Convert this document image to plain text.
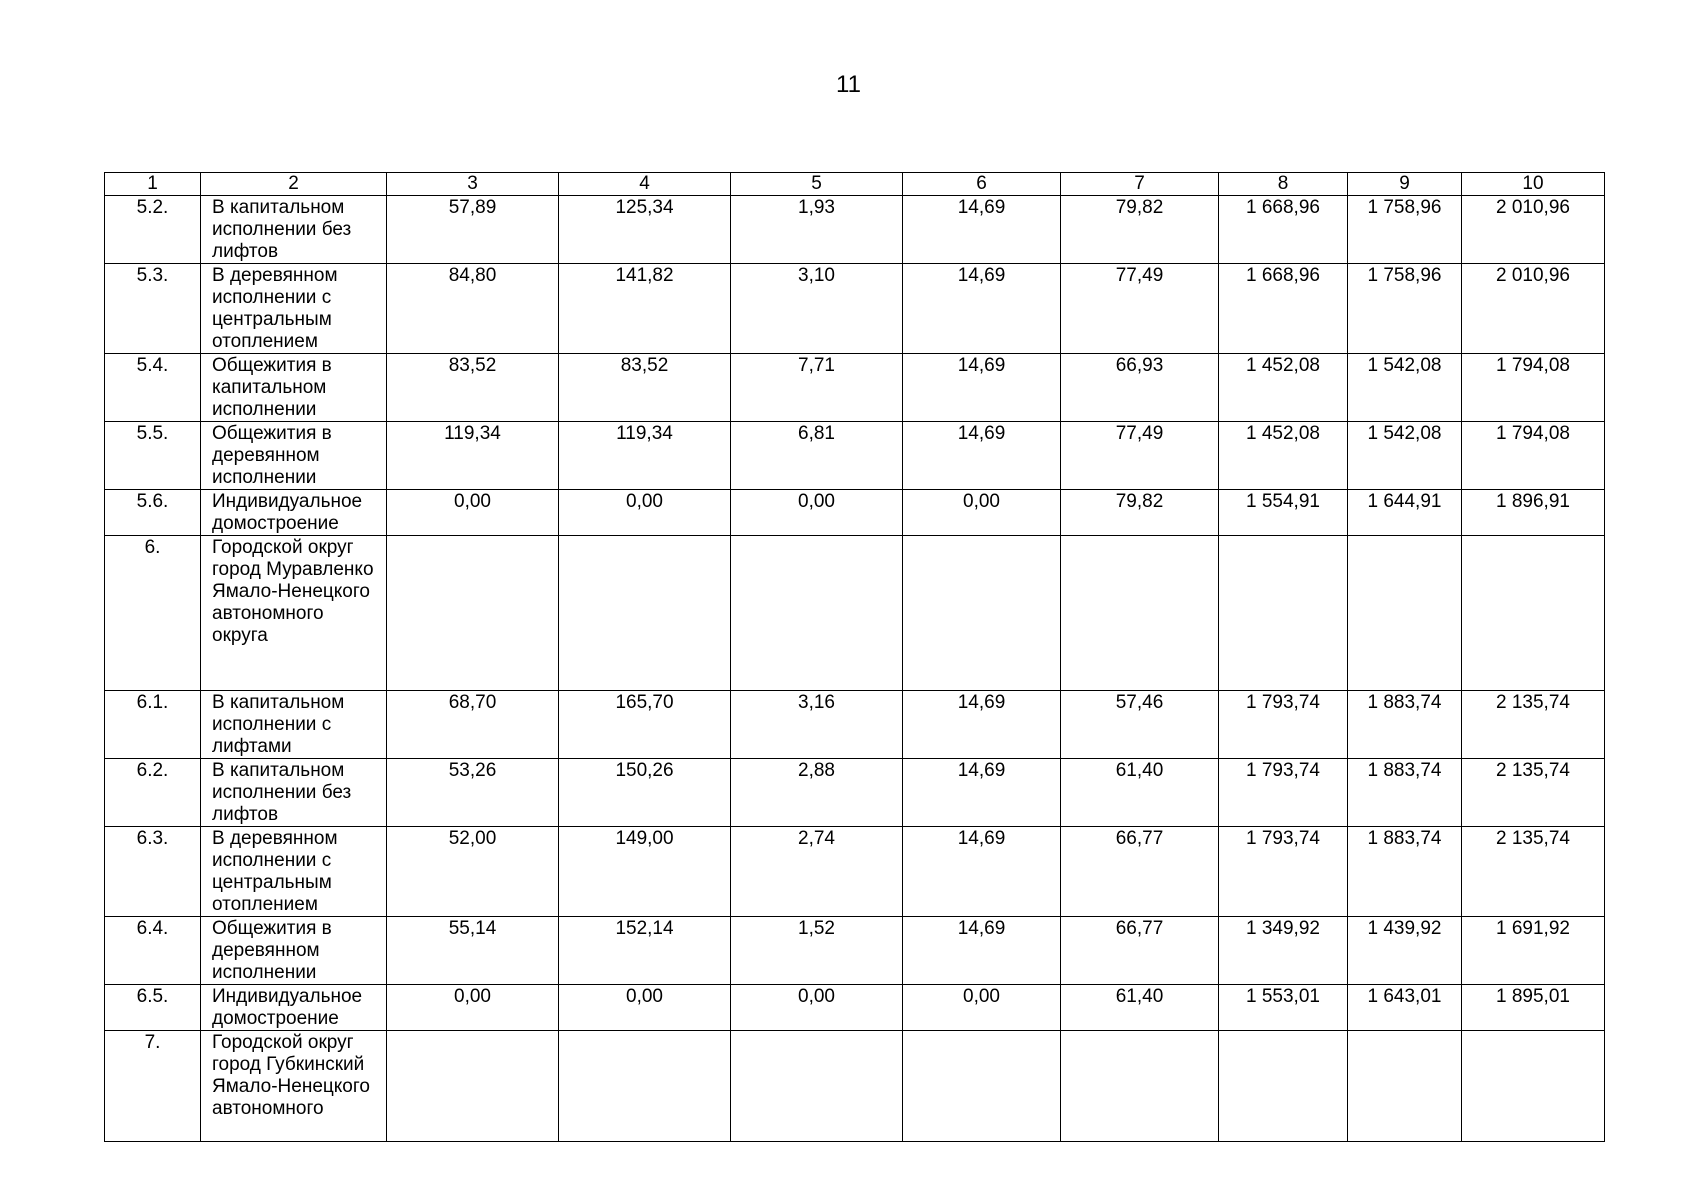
11
1	2	3	4	5	6	7	8	9	10
5.2.	В капитальном исполнении без лифтов	57,89	125,34	1,93	14,69	79,82	1 668,96	1 758,96	2 010,96
5.3.	В деревянном исполнении с центральным отоплением	84,80	141,82	3,10	14,69	77,49	1 668,96	1 758,96	2 010,96
5.4.	Общежития в капитальном исполнении	83,52	83,52	7,71	14,69	66,93	1 452,08	1 542,08	1 794,08
5.5.	Общежития в деревянном исполнении	119,34	119,34	6,81	14,69	77,49	1 452,08	1 542,08	1 794,08
5.6.	Индивидуальное домостроение	0,00	0,00	0,00	0,00	79,82	1 554,91	1 644,91	1 896,91
6.	Городской округ город Муравленко Ямало-Ненецкого автономного округа								
6.1.	В капитальном исполнении с лифтами	68,70	165,70	3,16	14,69	57,46	1 793,74	1 883,74	2 135,74
6.2.	В капитальном исполнении без лифтов	53,26	150,26	2,88	14,69	61,40	1 793,74	1 883,74	2 135,74
6.3.	В деревянном исполнении с центральным отоплением	52,00	149,00	2,74	14,69	66,77	1 793,74	1 883,74	2 135,74
6.4.	Общежития в деревянном исполнении	55,14	152,14	1,52	14,69	66,77	1 349,92	1 439,92	1 691,92
6.5.	Индивидуальное домостроение	0,00	0,00	0,00	0,00	61,40	1 553,01	1 643,01	1 895,01
7.	Городской округ город Губкинский Ямало-Ненецкого автономного								
